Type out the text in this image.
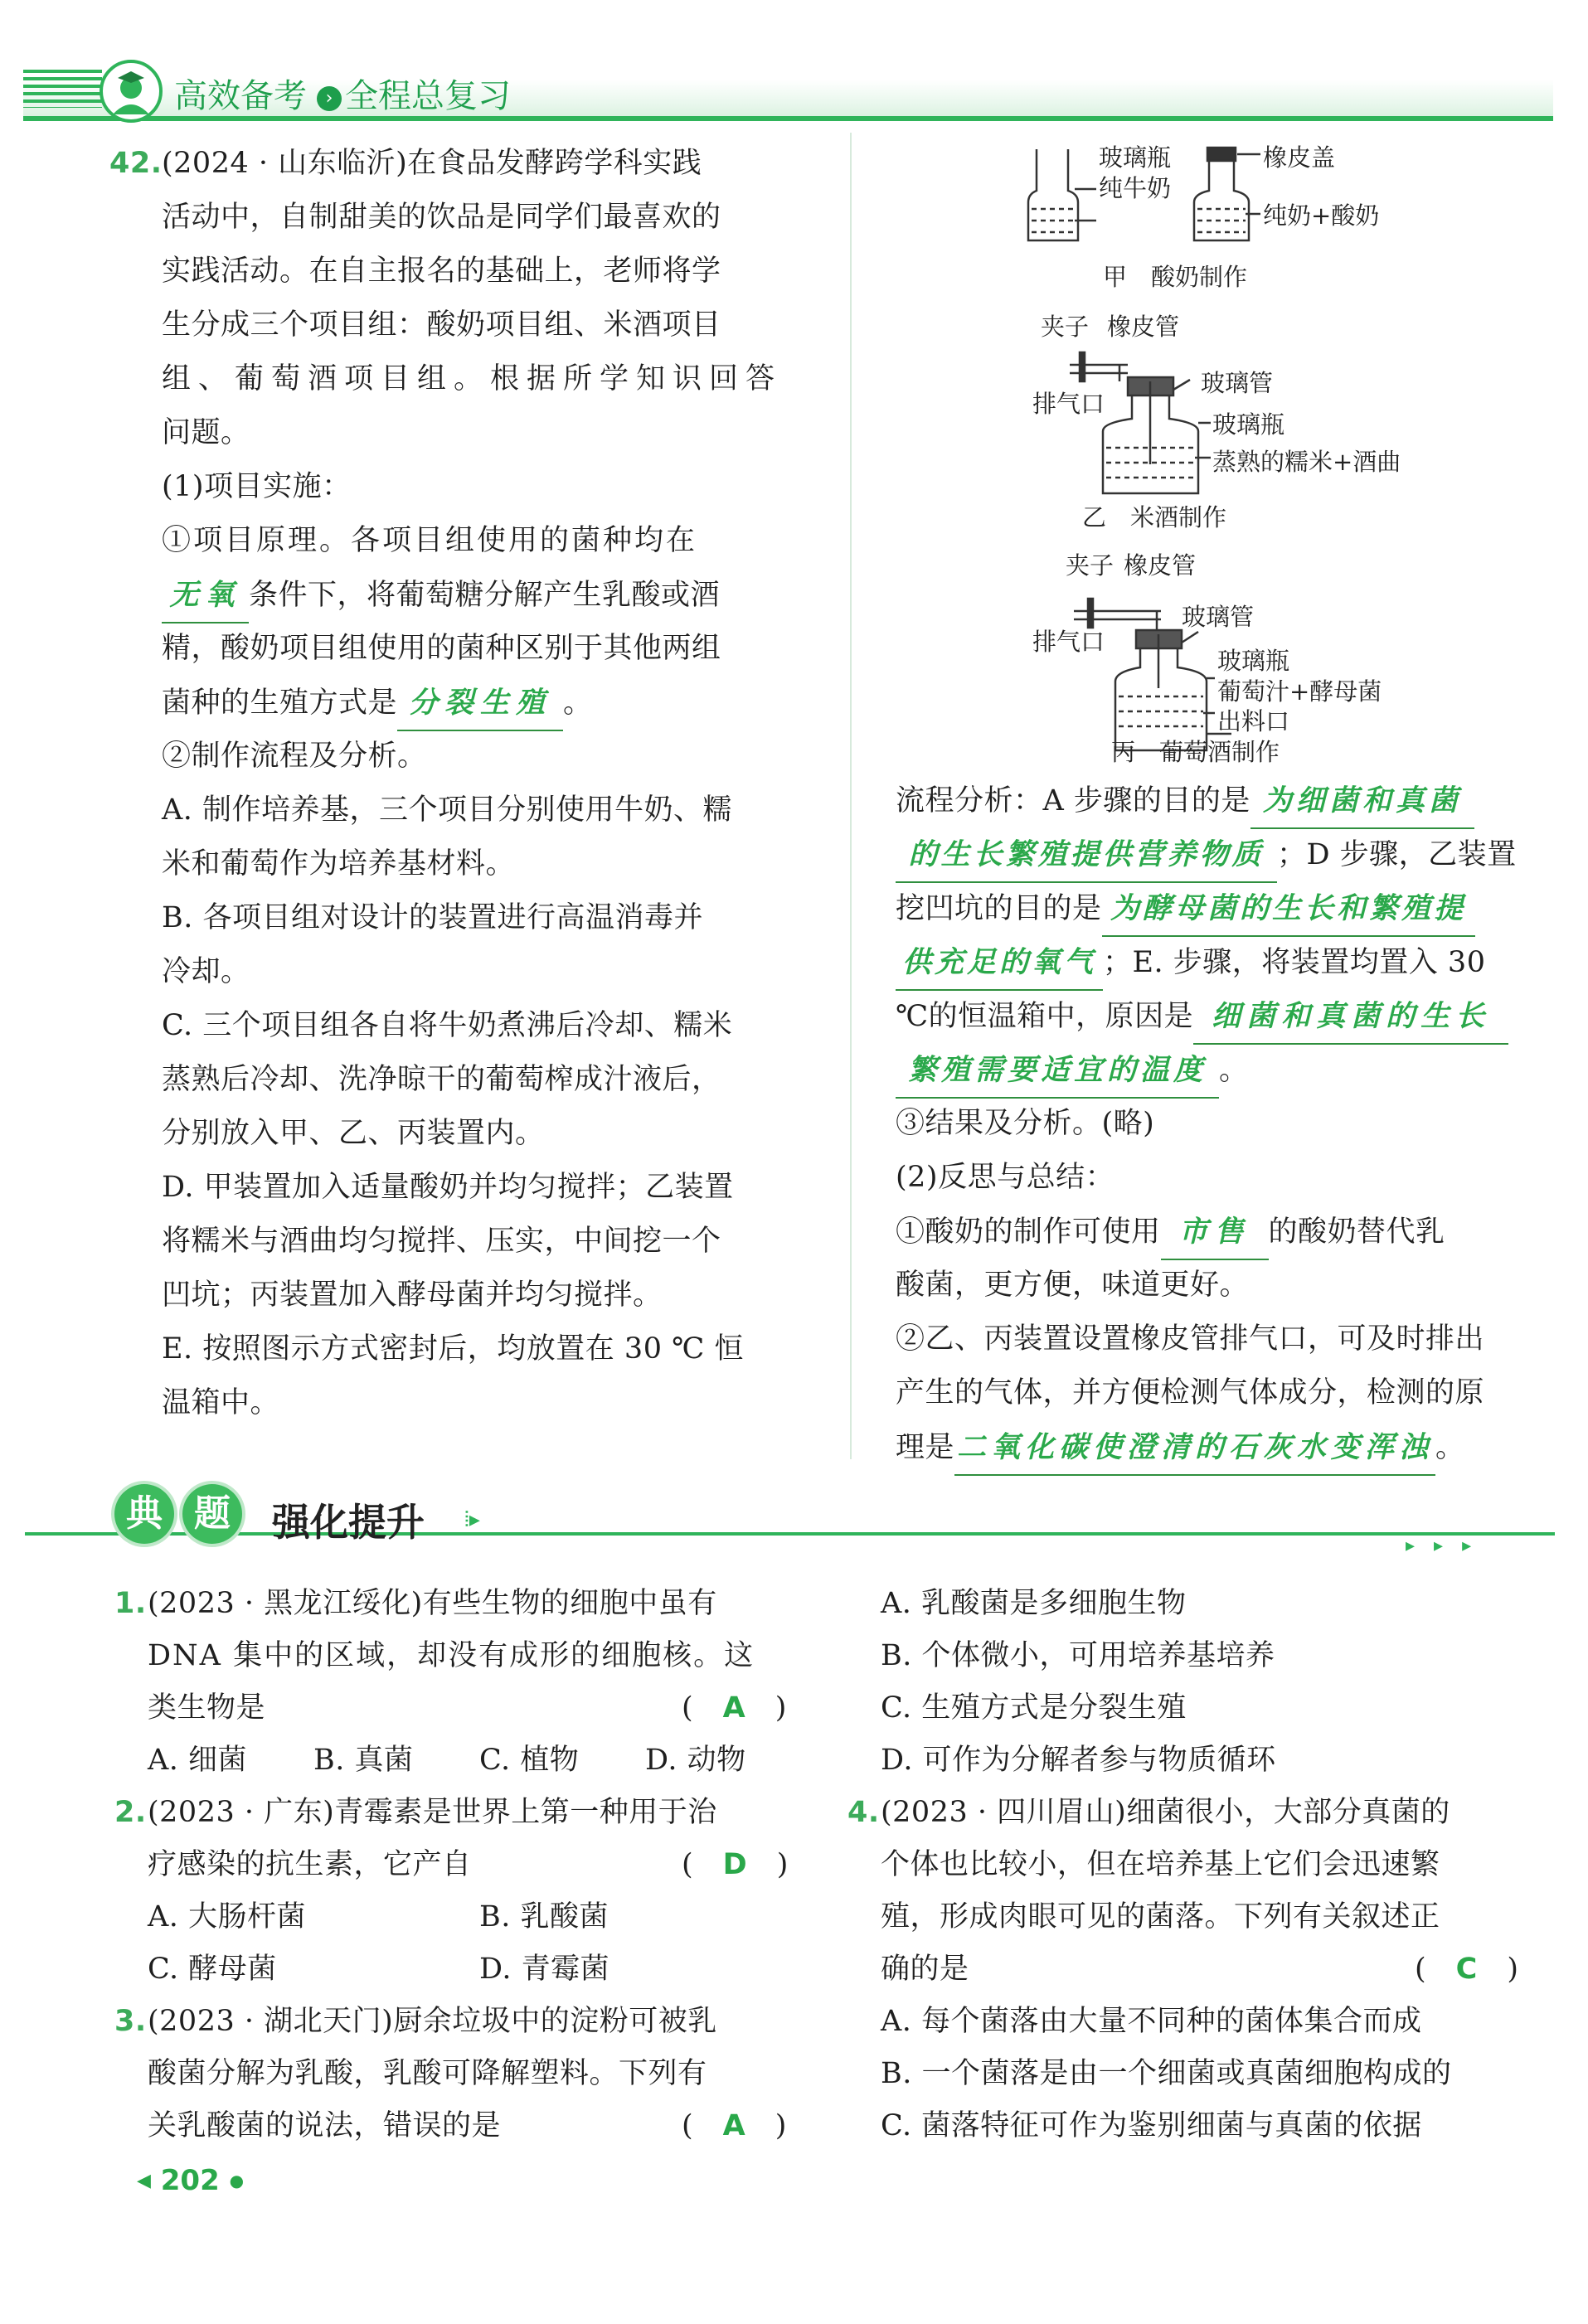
高效备考 › 全程总复习
42. (2024 · 山东临沂)在食品发酵跨学科实践
活动中，自制甜美的饮品是同学们最喜欢的
实践活动。在自主报名的基础上，老师将学
生分成三个项目组：酸奶项目组、米酒项目
组、葡萄酒项目组。根据所学知识回答
问题。
(1)项目实施：
①项目原理。各项目组使用的菌种均在
无氧 条件下，将葡萄糖分解产生乳酸或酒
精，酸奶项目组使用的菌种区别于其他两组
菌种的生殖方式是 分裂生殖 。
②制作流程及分析。
A. 制作培养基，三个项目分别使用牛奶、糯
米和葡萄作为培养基材料。
B. 各项目组对设计的装置进行高温消毒并
冷却。
C. 三个项目组各自将牛奶煮沸后冷却、糯米
蒸熟后冷却、洗净晾干的葡萄榨成汁液后，
分别放入甲、乙、丙装置内。
D. 甲装置加入适量酸奶并均匀搅拌；乙装置
将糯米与酒曲均匀搅拌、压实，中间挖一个
凹坑；丙装置加入酵母菌并均匀搅拌。
E. 按照图示方式密封后，均放置在 30 ℃ 恒
温箱中。
玻璃瓶
纯牛奶
橡皮盖
纯奶+酸奶
甲　酸奶制作
夹子 橡皮管
玻璃管
排气口
玻璃瓶
蒸熟的糯米+酒曲
乙　米酒制作
夹子 橡皮管
玻璃管
排气口
玻璃瓶
葡萄汁+酵母菌
出料口
丙　葡萄酒制作
流程分析：A 步骤的目的是 为细菌和真菌
的生长繁殖提供营养物质 ；D 步骤，乙装置
挖凹坑的目的是 为酵母菌的生长和繁殖提
供充足的氧气 ；E. 步骤，将装置均置入 30
℃的恒温箱中，原因是 细菌和真菌的生长
繁殖需要适宜的温度 。
③结果及分析。(略)
(2)反思与总结：
①酸奶的制作可使用 市售 的酸奶替代乳
酸菌，更方便，味道更好。
②乙、丙装置设置橡皮管排气口，可及时排出
产生的气体，并方便检测气体成分，检测的原
理是二氧化碳使澄清的石灰水变浑浊。
典 题	强化提升 ⦙▸
▸ ▸ ▸
1. (2023 · 黑龙江绥化)有些生物的细胞中虽有
DNA 集中的区域，却没有成形的细胞核。这
类生物是	(　A　)
A. 细菌 B. 真菌 C. 植物 D. 动物
2. (2023 · 广东)青霉素是世界上第一种用于治
疗感染的抗生素，它产自	(　D　)
A. 大肠杆菌	B. 乳酸菌
C. 酵母菌	D. 青霉菌
3. (2023 · 湖北天门)厨余垃圾中的淀粉可被乳
酸菌分解为乳酸，乳酸可降解塑料。下列有
关乳酸菌的说法，错误的是	(　A　)
A. 乳酸菌是多细胞生物
B. 个体微小，可用培养基培养
C. 生殖方式是分裂生殖
D. 可作为分解者参与物质循环
4. (2023 · 四川眉山)细菌很小，大部分真菌的
个体也比较小，但在培养基上它们会迅速繁
殖，形成肉眼可见的菌落。下列有关叙述正
确的是	(　C　)
A. 每个菌落由大量不同种的菌体集合而成
B. 一个菌落是由一个细菌或真菌细胞构成的
C. 菌落特征可作为鉴别细菌与真菌的依据
◀ 202 ●
